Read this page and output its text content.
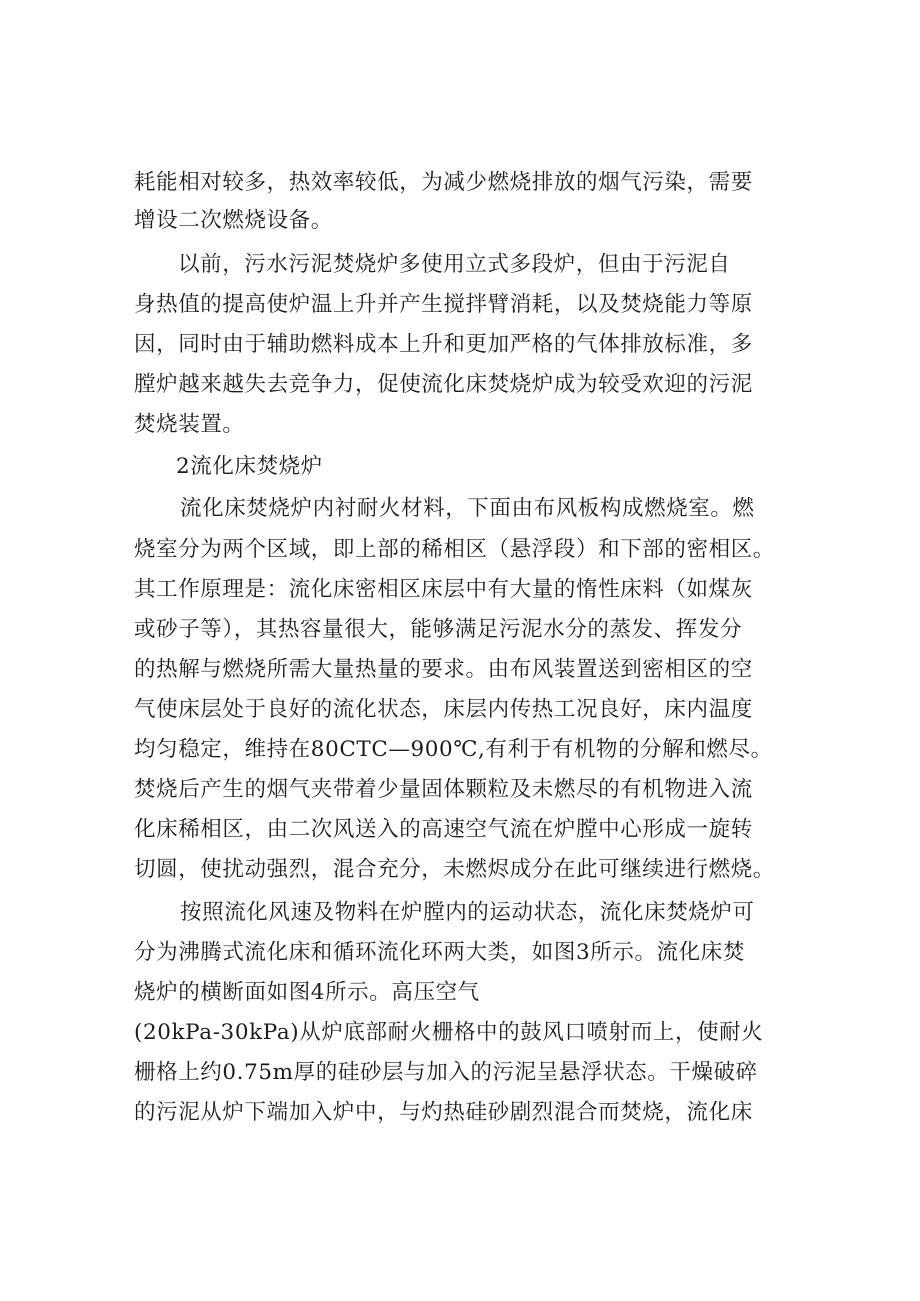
耗能相对较多，热效率较低，为减少燃烧排放的烟气污染，需要
增设二次燃烧设备。
以前，污水污泥焚烧炉多使用立式多段炉，但由于污泥自
身热值的提高使炉温上升并产生搅拌臂消耗，以及焚烧能力等原
因，同时由于辅助燃料成本上升和更加严格的气体排放标准，多
膛炉越来越失去竞争力，促使流化床焚烧炉成为较受欢迎的污泥
焚烧装置。
2流化床焚烧炉
流化床焚烧炉内衬耐火材料，下面由布风板构成燃烧室。燃
烧室分为两个区域，即上部的稀相区（悬浮段）和下部的密相区。
其工作原理是：流化床密相区床层中有大量的惰性床料（如煤灰
或砂子等），其热容量很大，能够满足污泥水分的蒸发、挥发分
的热解与燃烧所需大量热量的要求。由布风装置送到密相区的空
气使床层处于良好的流化状态，床层内传热工况良好，床内温度
均匀稳定，维持在80CTC—900℃,有利于有机物的分解和燃尽。
焚烧后产生的烟气夹带着少量固体颗粒及未燃尽的有机物进入流
化床稀相区，由二次风送入的高速空气流在炉膛中心形成一旋转
切圆，使扰动强烈，混合充分，未燃烬成分在此可继续进行燃烧。
按照流化风速及物料在炉膛内的运动状态，流化床焚烧炉可
分为沸腾式流化床和循环流化环两大类，如图3所示。流化床焚
烧炉的横断面如图4所示。高压空气
(20kPa-30kPa)从炉底部耐火栅格中的鼓风口喷射而上，使耐火
栅格上约0.75m厚的硅砂层与加入的污泥呈悬浮状态。干燥破碎
的污泥从炉下端加入炉中，与灼热硅砂剧烈混合而焚烧，流化床
